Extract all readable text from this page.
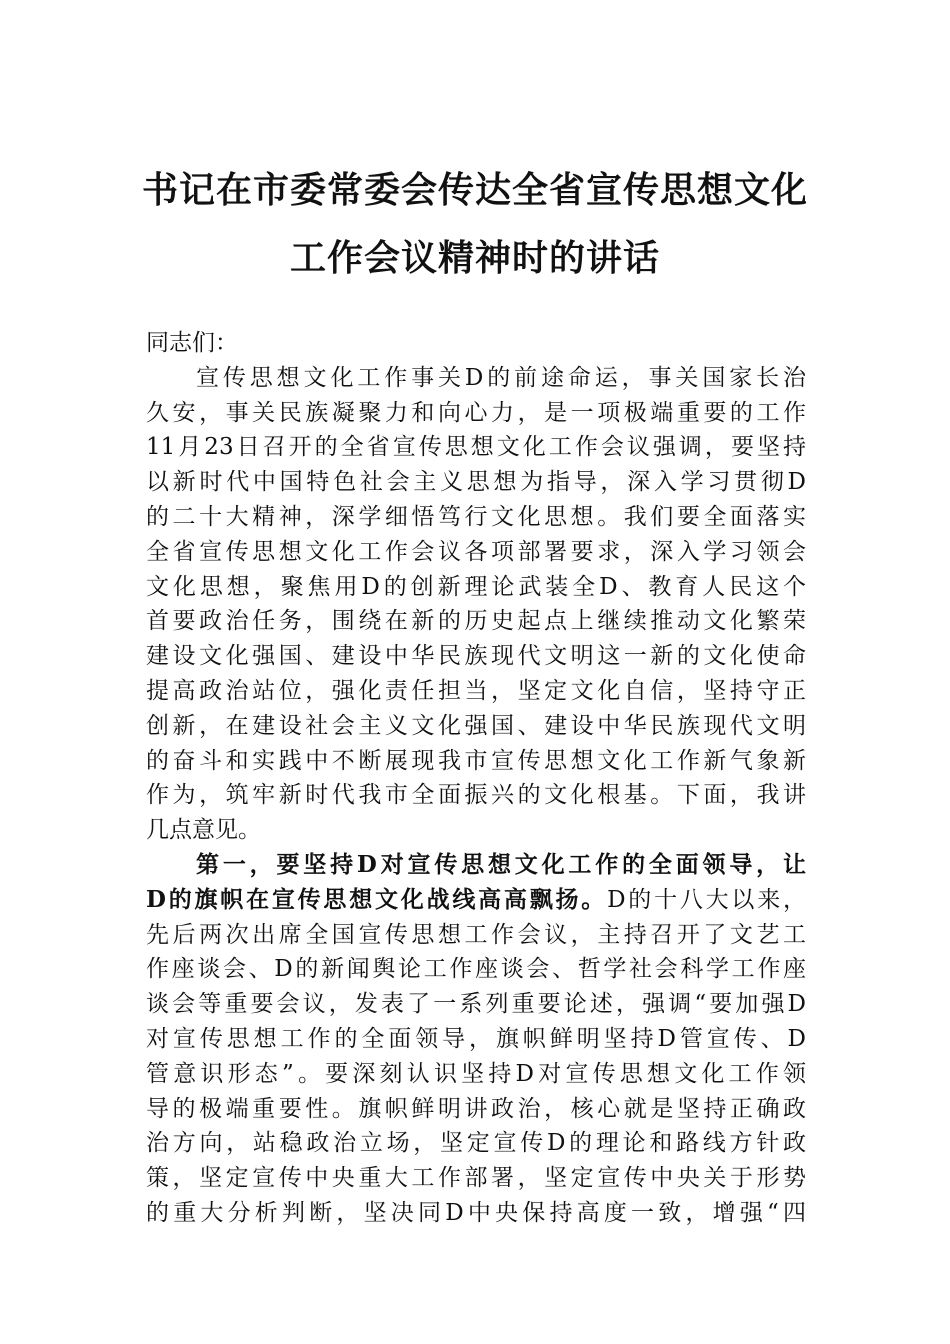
书记在市委常委会传达全省宣传思想文化
工作会议精神时的讲话
同志们：
宣传思想文化工作事关D的前途命运，事关国家长治
久安，事关民族凝聚力和向心力，是一项极端重要的工作
11月23日召开的全省宣传思想文化工作会议强调，要坚持
以新时代中国特色社会主义思想为指导，深入学习贯彻D
的二十大精神，深学细悟笃行文化思想。我们要全面落实
全省宣传思想文化工作会议各项部署要求，深入学习领会
文化思想，聚焦用D的创新理论武装全D、教育人民这个
首要政治任务，围绕在新的历史起点上继续推动文化繁荣
建设文化强国、建设中华民族现代文明这一新的文化使命
提高政治站位，强化责任担当，坚定文化自信，坚持守正
创新，在建设社会主义文化强国、建设中华民族现代文明
的奋斗和实践中不断展现我市宣传思想文化工作新气象新
作为，筑牢新时代我市全面振兴的文化根基。下面，我讲
几点意见。
第一，要坚持D对宣传思想文化工作的全面领导，让
D的旗帜在宣传思想文化战线高高飘扬。D的十八大以来，
先后两次出席全国宣传思想工作会议，主持召开了文艺工
作座谈会、D的新闻舆论工作座谈会、哲学社会科学工作座
谈会等重要会议，发表了一系列重要论述，强调“要加强D
对宣传思想工作的全面领导，旗帜鲜明坚持D管宣传、D
管意识形态”。要深刻认识坚持D对宣传思想文化工作领
导的极端重要性。旗帜鲜明讲政治，核心就是坚持正确政
治方向，站稳政治立场，坚定宣传D的理论和路线方针政
策，坚定宣传中央重大工作部署，坚定宣传中央关于形势
的重大分析判断，坚决同D中央保持高度一致，增强“四
